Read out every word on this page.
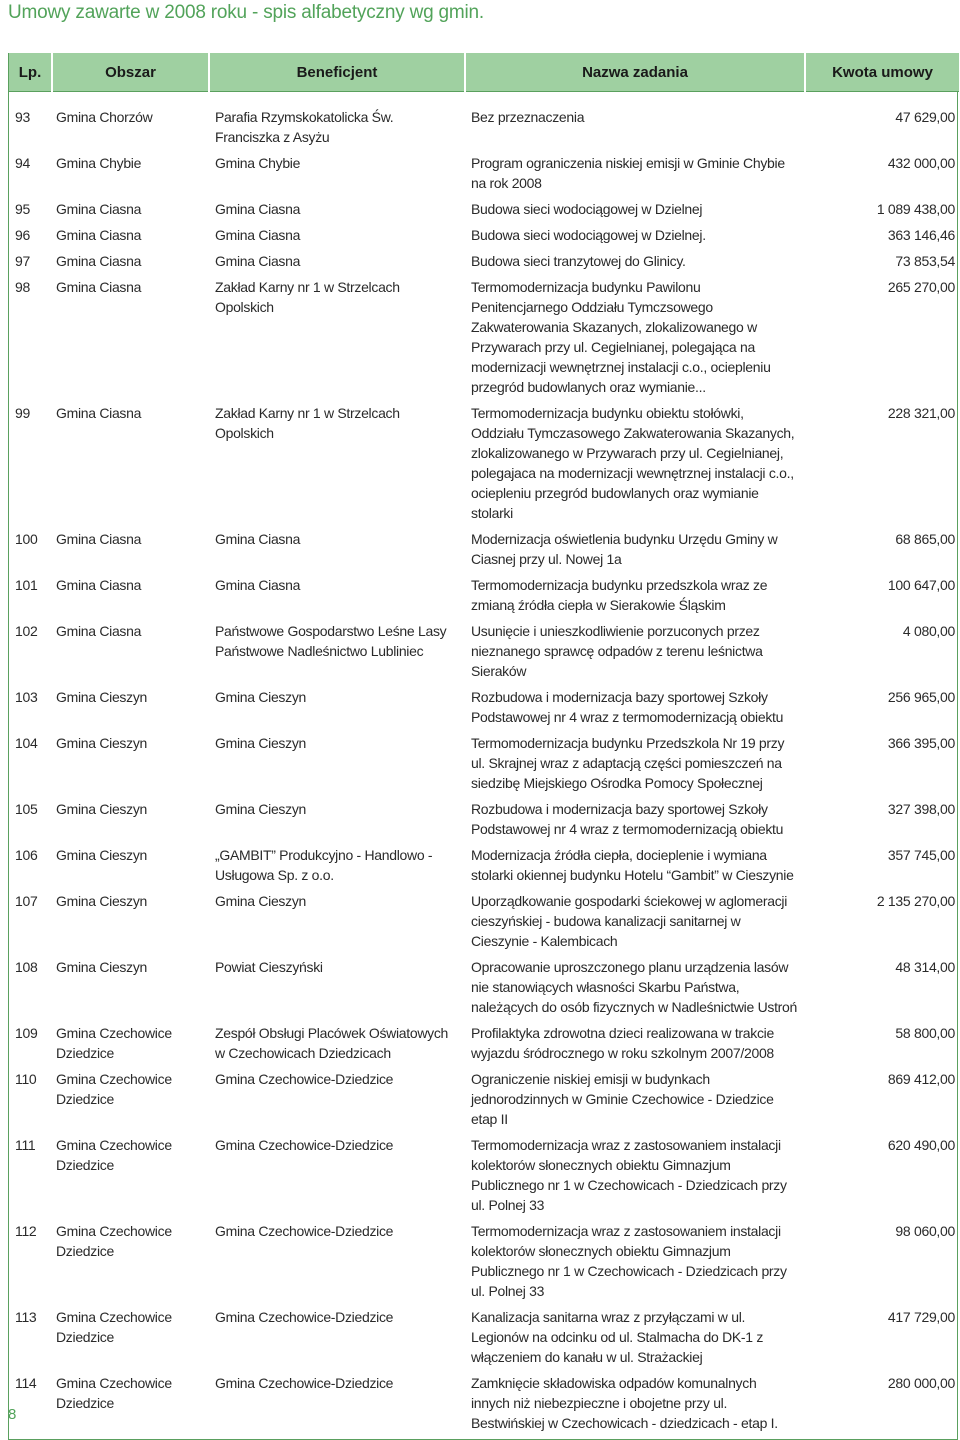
Umowy zawarte w 2008 roku - spis alfabetyczny wg gmin.
Lp.	Obszar	Beneficjent	Nazwa zadania	Kwota umowy
93	Gmina Chorzów	Parafia Rzymskokatolicka Św. Franciszka z Asyżu	Bez przeznaczenia	47 629,00
94	Gmina Chybie	Gmina Chybie	Program ograniczenia niskiej emisji w Gminie Chybie na rok 2008	432 000,00
95	Gmina Ciasna	Gmina Ciasna	Budowa sieci wodociągowej w Dzielnej	1 089 438,00
96	Gmina Ciasna	Gmina Ciasna	Budowa sieci wodociągowej w Dzielnej.	363 146,46
97	Gmina Ciasna	Gmina Ciasna	Budowa sieci tranzytowej do Glinicy.	73 853,54
98	Gmina Ciasna	Zakład Karny nr 1 w Strzelcach Opolskich	Termomodernizacja budynku Pawilonu Penitencjarnego Oddziału Tymczsowego Zakwaterowania Skazanych, zlokalizowanego w Przywarach przy ul. Cegielnianej, polegająca na modernizacji wewnętrznej instalacji c.o., ociepleniu przegród budowlanych oraz wymianie...	265 270,00
99	Gmina Ciasna	Zakład Karny nr 1 w Strzelcach Opolskich	Termomodernizacja budynku obiektu stołówki, Oddziału Tymczasowego Zakwaterowania Skazanych, zlokalizowanego w Przywarach przy ul. Cegielnianej, polegajaca na modernizacji wewnętrznej instalacji c.o., ociepleniu przegród budowlanych oraz wymianie stolarki	228 321,00
100	Gmina Ciasna	Gmina Ciasna	Modernizacja oświetlenia budynku Urzędu Gminy w Ciasnej przy ul. Nowej 1a	68 865,00
101	Gmina Ciasna	Gmina Ciasna	Termomodernizacja budynku przedszkola wraz ze zmianą źródła ciepła w Sierakowie Śląskim	100 647,00
102	Gmina Ciasna	Państwowe Gospodarstwo Leśne Lasy Państwowe Nadleśnictwo Lubliniec	Usunięcie i unieszkodliwienie porzuconych przez nieznanego sprawcę odpadów z terenu leśnictwa Sieraków	4 080,00
103	Gmina Cieszyn	Gmina Cieszyn	Rozbudowa i modernizacja bazy sportowej Szkoły Podstawowej nr 4 wraz z termomodernizacją obiektu	256 965,00
104	Gmina Cieszyn	Gmina Cieszyn	Termomodernizacja budynku Przedszkola Nr 19 przy ul. Skrajnej wraz z adaptacją części pomieszczeń na siedzibę Miejskiego Ośrodka Pomocy Społecznej	366 395,00
105	Gmina Cieszyn	Gmina Cieszyn	Rozbudowa i modernizacja bazy sportowej Szkoły Podstawowej nr 4 wraz z termomodernizacją obiektu	327 398,00
106	Gmina Cieszyn	„GAMBIT” Produkcyjno - Handlowo - Usługowa Sp. z o.o.	Modernizacja źródła ciepła, docieplenie i wymiana stolarki okiennej budynku Hotelu “Gambit” w Cieszynie	357 745,00
107	Gmina Cieszyn	Gmina Cieszyn	Uporządkowanie gospodarki ściekowej w aglomeracji cieszyńskiej - budowa kanalizacji sanitarnej w Cieszynie - Kalembicach	2 135 270,00
108	Gmina Cieszyn	Powiat Cieszyński	Opracowanie uproszczonego planu urządzenia lasów nie stanowiących własności Skarbu Państwa, należących do osób fizycznych w Nadleśnictwie Ustroń	48 314,00
109	Gmina Czechowice Dziedzice	Zespół Obsługi Placówek Oświatowych w Czechowicach Dziedzicach	Profilaktyka zdrowotna dzieci realizowana w trakcie wyjazdu śródrocznego w roku szkolnym 2007/2008	58 800,00
110	Gmina Czechowice Dziedzice	Gmina Czechowice-Dziedzice	Ograniczenie niskiej emisji w budynkach jednorodzinnych w Gminie Czechowice - Dziedzice etap II	869 412,00
111	Gmina Czechowice Dziedzice	Gmina Czechowice-Dziedzice	Termomodernizacja wraz z zastosowaniem instalacji kolektorów słonecznych obiektu Gimnazjum Publicznego nr 1 w Czechowicach - Dziedzicach przy ul. Polnej 33	620 490,00
112	Gmina Czechowice Dziedzice	Gmina Czechowice-Dziedzice	Termomodernizacja wraz z zastosowaniem instalacji kolektorów słonecznych obiektu Gimnazjum Publicznego nr 1 w Czechowicach - Dziedzicach przy ul. Polnej 33	98 060,00
113	Gmina Czechowice Dziedzice	Gmina Czechowice-Dziedzice	Kanalizacja sanitarna wraz z przyłączami w ul. Legionów na odcinku od ul. Stalmacha do DK-1 z włączeniem do kanału w ul. Strażackiej	417 729,00
114	Gmina Czechowice Dziedzice	Gmina Czechowice-Dziedzice	Zamknięcie składowiska odpadów komunalnych innych niż niebezpieczne i obojetne przy ul. Bestwińskiej w Czechowicach - dziedzicach - etap I.	280 000,00
8
